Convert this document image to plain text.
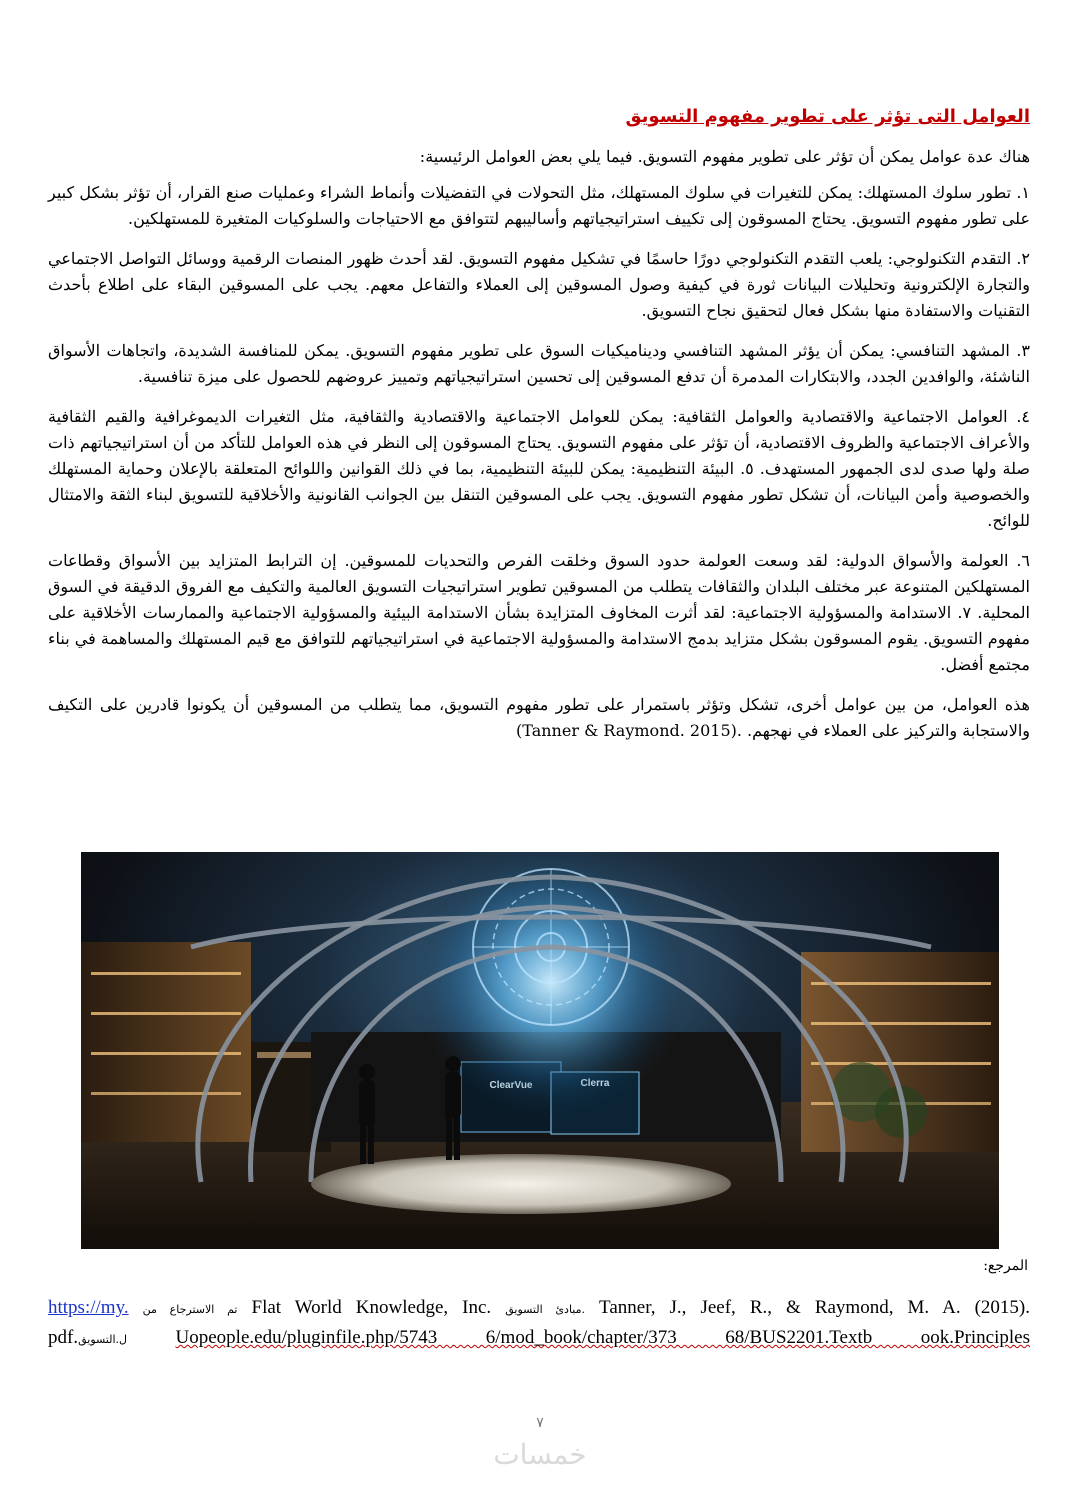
العوامل التى تؤثر على تطوير مفهوم التسويق

هناك عدة عوامل يمكن أن تؤثر على تطوير مفهوم التسويق. فيما يلي بعض العوامل الرئيسية:

١. تطور سلوك المستهلك: يمكن للتغيرات في سلوك المستهلك، مثل التحولات في التفضيلات وأنماط الشراء وعمليات صنع القرار، أن تؤثر بشكل كبير على تطور مفهوم التسويق. يحتاج المسوقون إلى تكييف استراتيجياتهم وأساليبهم لتتوافق مع الاحتياجات والسلوكيات المتغيرة للمستهلكين.

٢. التقدم التكنولوجي: يلعب التقدم التكنولوجي دورًا حاسمًا في تشكيل مفهوم التسويق. لقد أحدث ظهور المنصات الرقمية ووسائل التواصل الاجتماعي والتجارة الإلكترونية وتحليلات البيانات ثورة في كيفية وصول المسوقين إلى العملاء والتفاعل معهم. يجب على المسوقين البقاء على اطلاع بأحدث التقنيات والاستفادة منها بشكل فعال لتحقيق نجاح التسويق.

٣. المشهد التنافسي: يمكن أن يؤثر المشهد التنافسي وديناميكيات السوق على تطوير مفهوم التسويق. يمكن للمنافسة الشديدة، واتجاهات الأسواق الناشئة، والوافدين الجدد، والابتكارات المدمرة أن تدفع المسوقين إلى تحسين استراتيجياتهم وتمييز عروضهم للحصول على ميزة تنافسية.

٤. العوامل الاجتماعية والاقتصادية والعوامل الثقافية: يمكن للعوامل الاجتماعية والاقتصادية والثقافية، مثل التغيرات الديموغرافية والقيم الثقافية والأعراف الاجتماعية والظروف الاقتصادية، أن تؤثر على مفهوم التسويق. يحتاج المسوقون إلى النظر في هذه العوامل للتأكد من أن استراتيجياتهم ذات صلة ولها صدى لدى الجمهور المستهدف. ٥. البيئة التنظيمية: يمكن للبيئة التنظيمية، بما في ذلك القوانين واللوائح المتعلقة بالإعلان وحماية المستهلك والخصوصية وأمن البيانات، أن تشكل تطور مفهوم التسويق. يجب على المسوقين التنقل بين الجوانب القانونية والأخلاقية للتسويق لبناء الثقة والامتثال للوائح.

٦. العولمة والأسواق الدولية: لقد وسعت العولمة حدود السوق وخلقت الفرص والتحديات للمسوقين. إن الترابط المتزايد بين الأسواق وقطاعات المستهلكين المتنوعة عبر مختلف البلدان والثقافات يتطلب من المسوقين تطوير استراتيجيات التسويق العالمية والتكيف مع الفروق الدقيقة في السوق المحلية. ٧. الاستدامة والمسؤولية الاجتماعية: لقد أثرت المخاوف المتزايدة بشأن الاستدامة البيئية والمسؤولية الاجتماعية والممارسات الأخلاقية على مفهوم التسويق. يقوم المسوقون بشكل متزايد بدمج الاستدامة والمسؤولية الاجتماعية في استراتيجياتهم للتوافق مع قيم المستهلك والمساهمة في بناء مجتمع أفضل.

هذه العوامل، من بين عوامل أخرى، تشكل وتؤثر باستمرار على تطور مفهوم التسويق، مما يتطلب من المسوقين أن يكونوا قادرين على التكيف والاستجابة والتركيز على العملاء في نهجهم. .(Tanner & Raymond. 2015)

المرجع:
https://my. تم الاسترجاع من Flat World Knowledge, Inc. مبادئ التسويق. Tanner, J., Jeef, R., & Raymond, M. A. (2015).
pdf.ل.التسويق	Uopeople.edu/pluginfile.php/5743 6/mod_book/chapter/373 68/BUS2201.Textb ook.Principles
٧
خمسات
